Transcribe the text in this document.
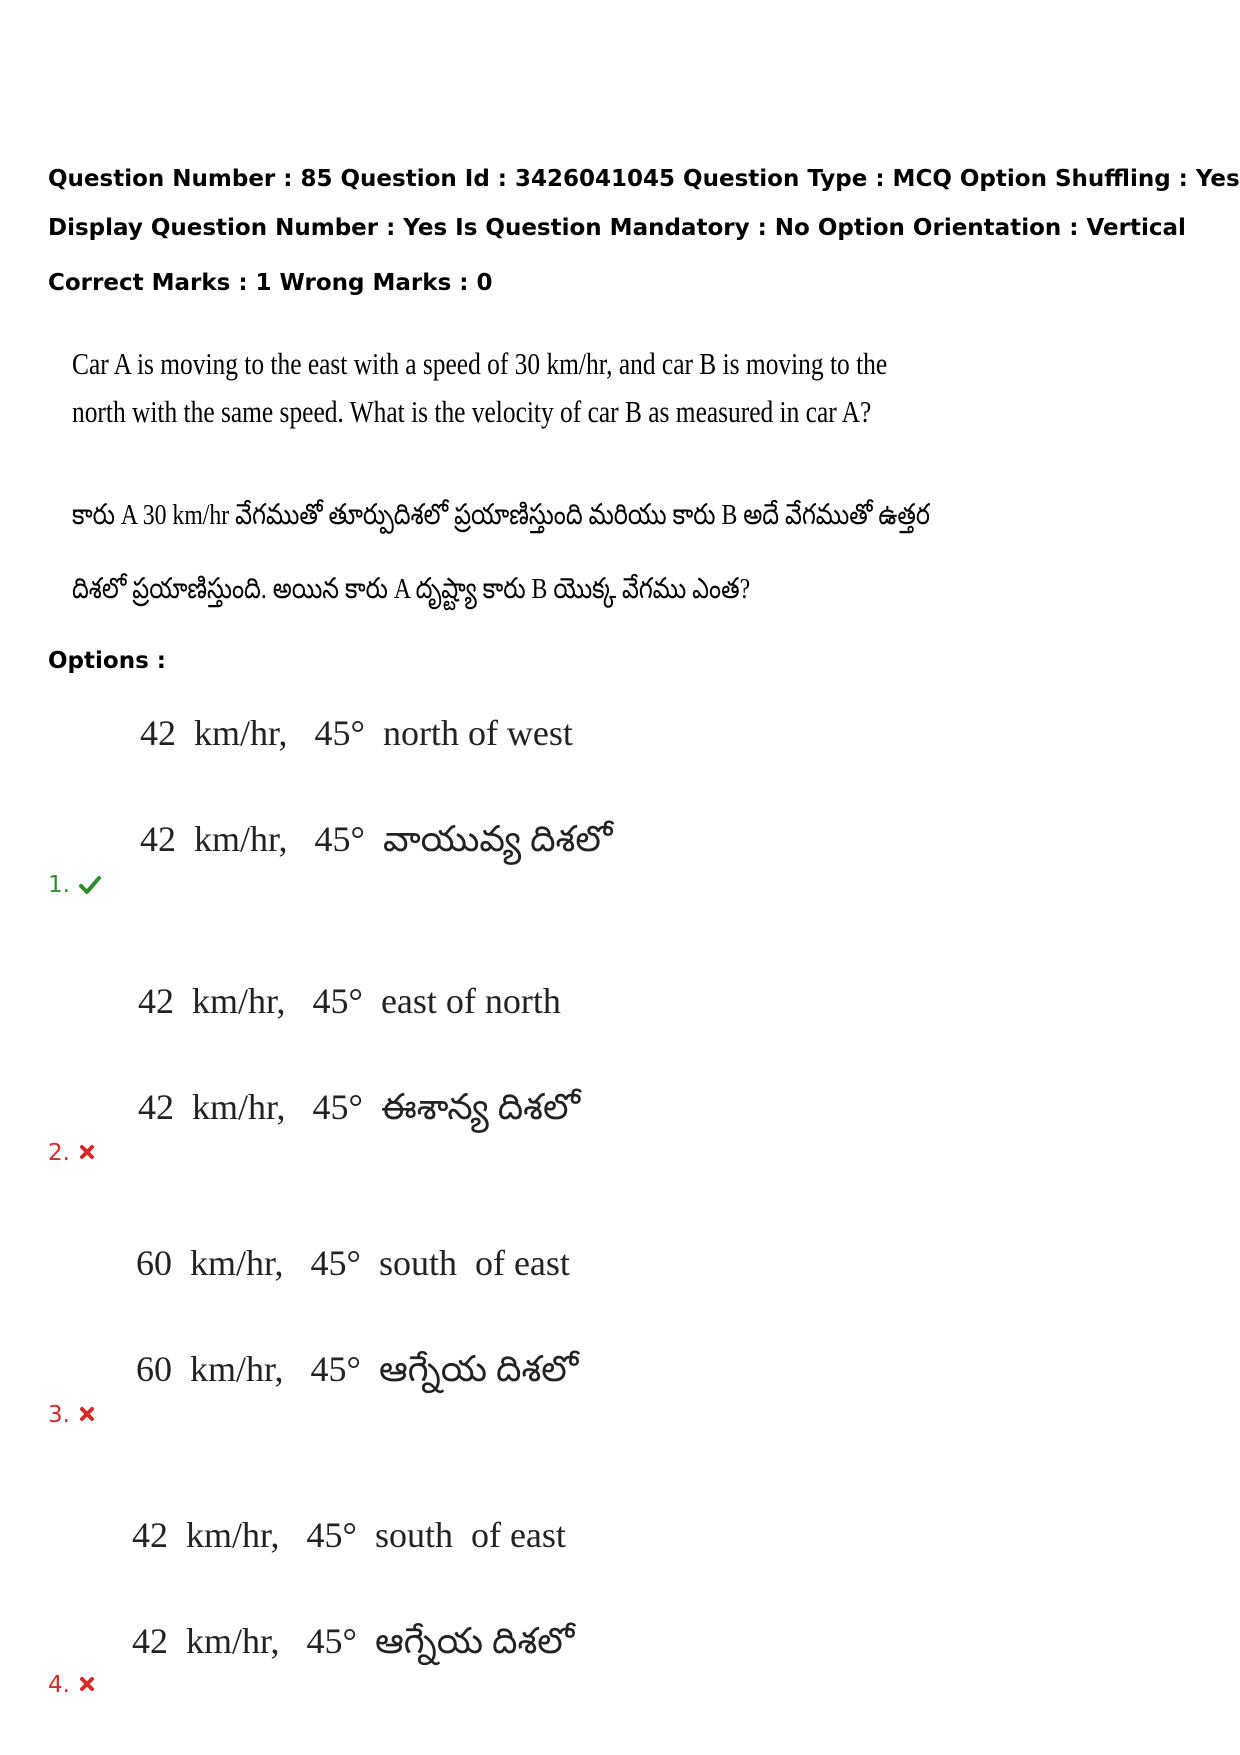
Question Number : 85 Question Id : 3426041045 Question Type : MCQ Option Shuffling : Yes
Display Question Number : Yes Is Question Mandatory : No Option Orientation : Vertical
Correct Marks : 1 Wrong Marks : 0
Car A is moving to the east with a speed of 30 km/hr, and car B is moving to the
north with the same speed. What is the velocity of car B as measured in car A?
కారు A 30 km/hr వేగముతో తూర్పుదిశలో ప్రయాణిస్తుంది మరియు కారు B అదే వేగముతో ఉత్తర
దిశలో ప్రయాణిస్తుంది. అయిన కారు A దృష్ట్యా కారు B యొక్క వేగము ఎంత?
Options :
42  km/hr,   45°  north of west
42  km/hr,   45°  వాయువ్య దిశలో
1.
42  km/hr,   45°  east of north
42  km/hr,   45°  ఈశాన్య దిశలో
2.
60  km/hr,   45°  south  of east
60  km/hr,   45°  ఆగ్నేయ దిశలో
3.
42  km/hr,   45°  south  of east
42  km/hr,   45°  ఆగ్నేయ దిశలో
4.
